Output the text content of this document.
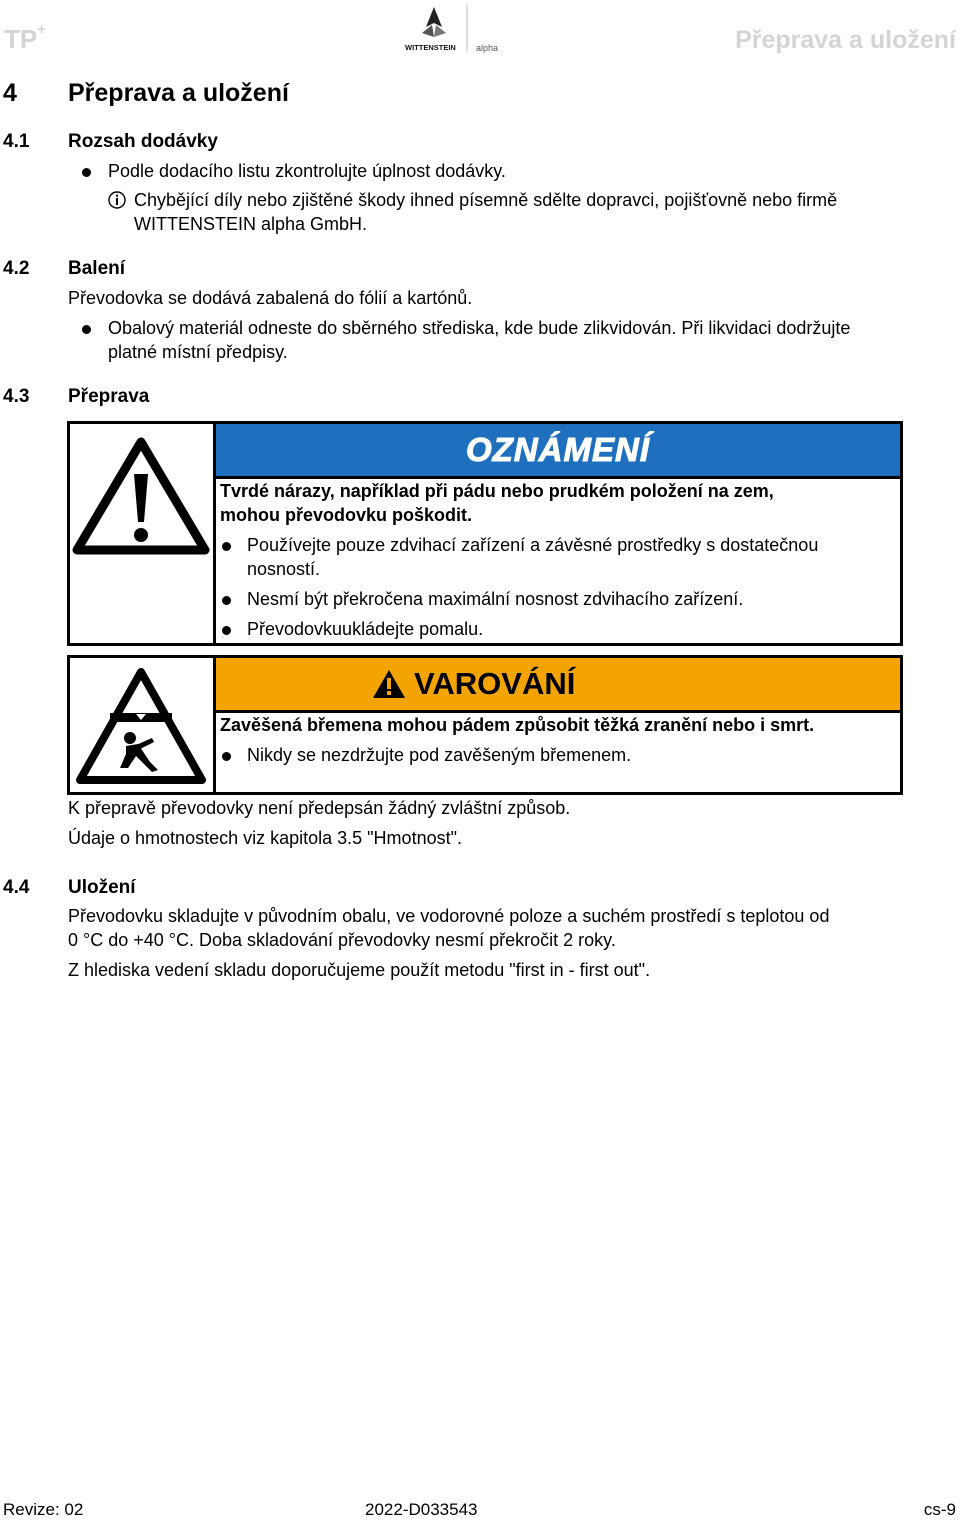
TP+
WITTENSTEIN alpha	Přeprava a uložení
4 Přeprava a uložení
4.1 Rozsah dodávky
Podle dodacího listu zkontrolujte úplnost dodávky.
Chybějící díly nebo zjištěné škody ihned písemně sdělte dopravci, pojišťovně nebo firmě
WITTENSTEIN alpha GmbH.
4.2 Balení
Převodovka se dodává zabalená do fólií a kartónů.
Obalový materiál odneste do sběrného střediska, kde bude zlikvidován. Při likvidaci dodržujte
platné místní předpisy.
4.3 Přeprava
OZNÁMENÍ
Tvrdé nárazy, například při pádu nebo prudkém položení na zem,
mohou převodovku poškodit.
Používejte pouze zdvihací zařízení a závěsné prostředky s dostatečnou
nosností.
Nesmí být překročena maximální nosnost zdvihacího zařízení.
Převodovkuukládejte pomalu.
VAROVÁNÍ
Zavěšená břemena mohou pádem způsobit těžká zranění nebo i smrt.
Nikdy se nezdržujte pod zavěšeným břemenem.
K přepravě převodovky není předepsán žádný zvláštní způsob.
Údaje o hmotnostech viz kapitola 3.5 "Hmotnost".
4.4 Uložení
Převodovku skladujte v původním obalu, ve vodorovné poloze a suchém prostředí s teplotou od
0 °C do +40 °C. Doba skladování převodovky nesmí překročit 2 roky.
Z hlediska vedení skladu doporučujeme použít metodu "first in - first out".
Revize: 02	2022-D033543	cs-9
